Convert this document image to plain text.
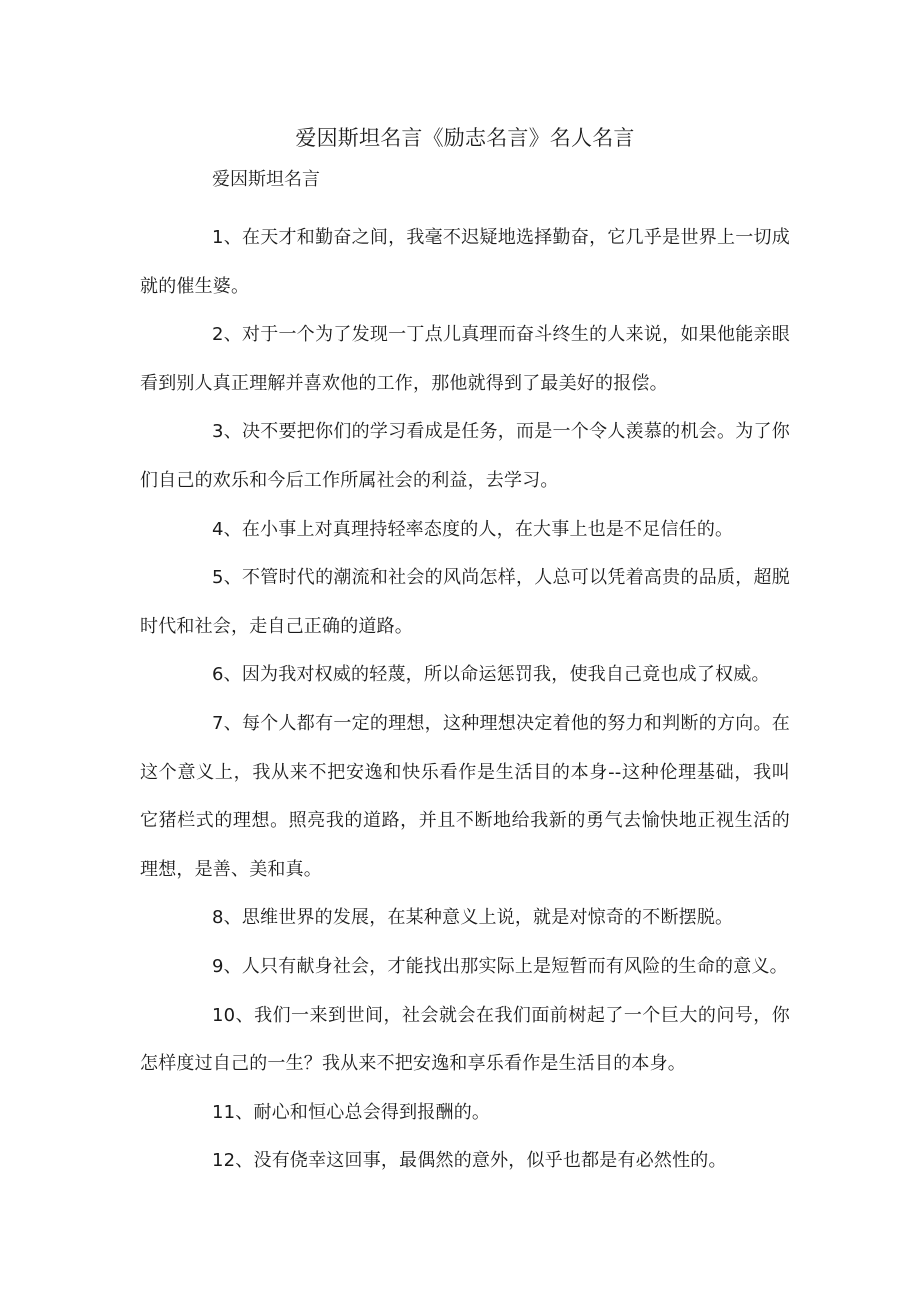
爱因斯坦名言《励志名言》名人名言

爱因斯坦名言

1、在天才和勤奋之间，我毫不迟疑地选择勤奋，它几乎是世界上一切成就的催生婆。

2、对于一个为了发现一丁点儿真理而奋斗终生的人来说，如果他能亲眼看到别人真正理解并喜欢他的工作，那他就得到了最美好的报偿。

3、决不要把你们的学习看成是任务，而是一个令人羡慕的机会。为了你们自己的欢乐和今后工作所属社会的利益，去学习。

4、在小事上对真理持轻率态度的人，在大事上也是不足信任的。

5、不管时代的潮流和社会的风尚怎样，人总可以凭着高贵的品质，超脱时代和社会，走自己正确的道路。

6、因为我对权威的轻蔑，所以命运惩罚我，使我自己竟也成了权威。

7、每个人都有一定的理想，这种理想决定着他的努力和判断的方向。在这个意义上，我从来不把安逸和快乐看作是生活目的本身--这种伦理基础，我叫它猪栏式的理想。照亮我的道路，并且不断地给我新的勇气去愉快地正视生活的理想，是善、美和真。

8、思维世界的发展，在某种意义上说，就是对惊奇的不断摆脱。

9、人只有献身社会，才能找出那实际上是短暂而有风险的生命的意义。

10、我们一来到世间，社会就会在我们面前树起了一个巨大的问号，你怎样度过自己的一生？我从来不把安逸和享乐看作是生活目的本身。

11、耐心和恒心总会得到报酬的。

12、没有侥幸这回事，最偶然的意外，似乎也都是有必然性的。
